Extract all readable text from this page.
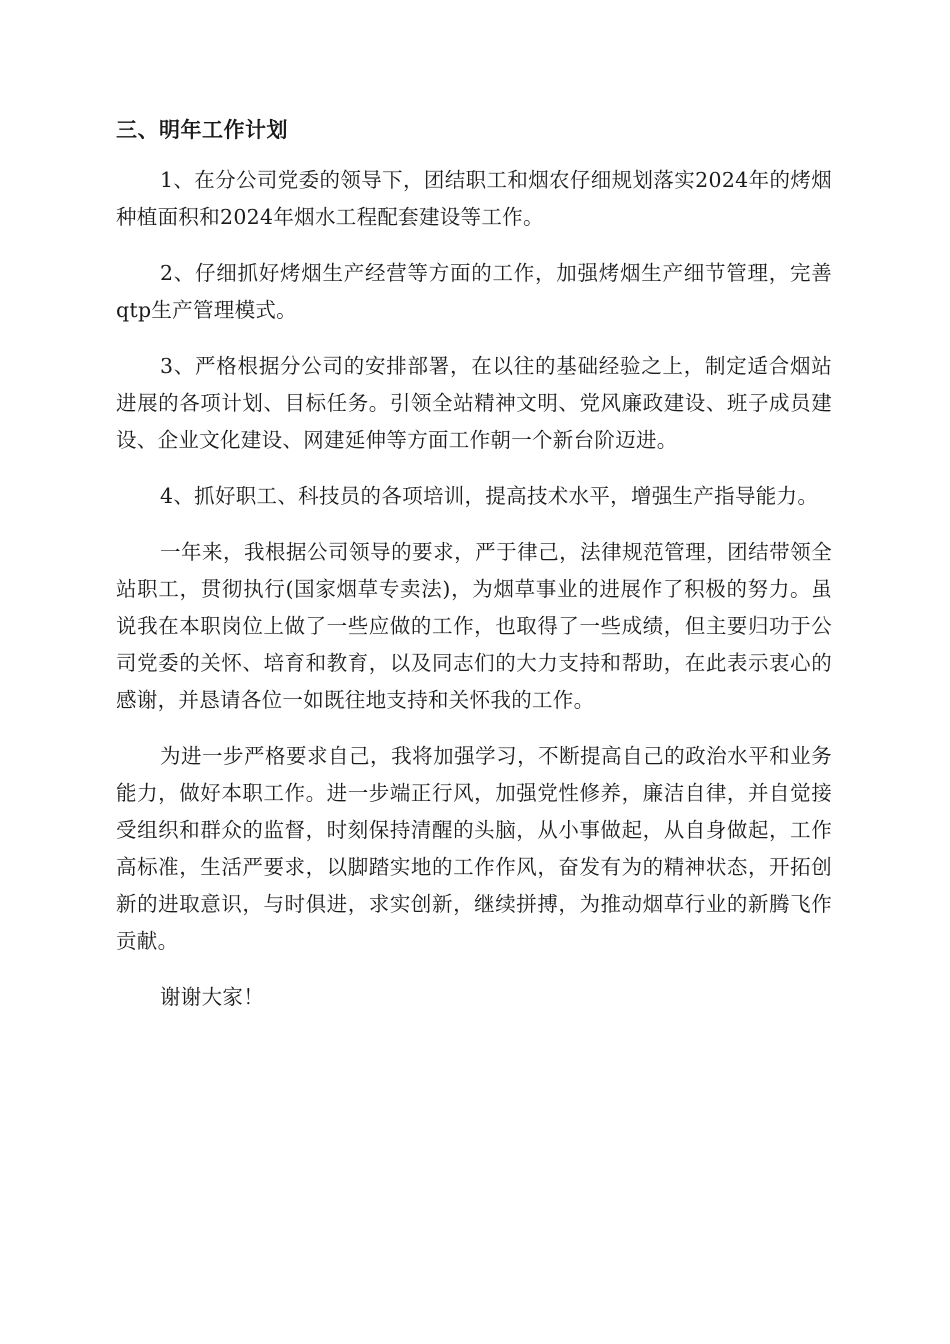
三、明年工作计划

1、在分公司党委的领导下，团结职工和烟农仔细规划落实2024年的烤烟种植面积和2024年烟水工程配套建设等工作。

2、仔细抓好烤烟生产经营等方面的工作，加强烤烟生产细节管理，完善qtp生产管理模式。

3、严格根据分公司的安排部署，在以往的基础经验之上，制定适合烟站进展的各项计划、目标任务。引领全站精神文明、党风廉政建设、班子成员建设、企业文化建设、网建延伸等方面工作朝一个新台阶迈进。

4、抓好职工、科技员的各项培训，提高技术水平，增强生产指导能力。

一年来，我根据公司领导的要求，严于律己，法律规范管理，团结带领全站职工，贯彻执行(国家烟草专卖法)，为烟草事业的进展作了积极的努力。虽说我在本职岗位上做了一些应做的工作，也取得了一些成绩，但主要归功于公司党委的关怀、培育和教育，以及同志们的大力支持和帮助，在此表示衷心的感谢，并恳请各位一如既往地支持和关怀我的工作。

为进一步严格要求自己，我将加强学习，不断提高自己的政治水平和业务能力，做好本职工作。进一步端正行风，加强党性修养，廉洁自律，并自觉接受组织和群众的监督，时刻保持清醒的头脑，从小事做起，从自身做起，工作高标准，生活严要求，以脚踏实地的工作作风，奋发有为的精神状态，开拓创新的进取意识，与时俱进，求实创新，继续拼搏，为推动烟草行业的新腾飞作贡献。

谢谢大家！
